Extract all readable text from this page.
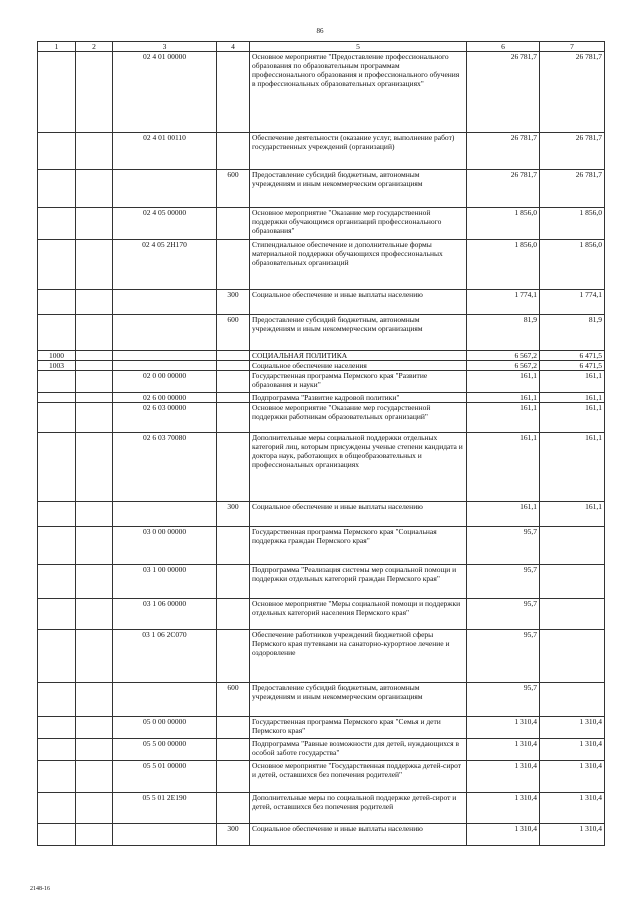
86
1	2	3	4	5	6	7
		02 4 01 00000		Основное мероприятие "Предоставление профессионального образования по образовательным программам профессионального образования и профессионального обучения в профессиональных образовательных организациях"	26 781,7	26 781,7
		02 4 01 00110		Обеспечение деятельности (оказание услуг, выполнение работ) государственных учреждений (организаций)	26 781,7	26 781,7
			600	Предоставление субсидий бюджетным, автономным учреждениям и иным некоммерческим организациям	26 781,7	26 781,7
		02 4 05 00000		Основное мероприятие "Оказание мер государственной поддержки обучающимся организаций профессионального образования"	1 856,0	1 856,0
		02 4 05 2Н170		Стипендиальное обеспечение и дополнительные формы материальной поддержки обучающихся профессиональных образовательных организаций	1 856,0	1 856,0
			300	Социальное обеспечение и иные выплаты населению	1 774,1	1 774,1
			600	Предоставление субсидий бюджетным, автономным учреждениям и иным некоммерческим организациям	81,9	81,9
1000				СОЦИАЛЬНАЯ ПОЛИТИКА	6 567,2	6 471,5
1003				Социальное обеспечение населения	6 567,2	6 471,5
		02 0 00 00000		Государственная программа Пермского края "Развитие образования и науки"	161,1	161,1
		02 6 00 00000		Подпрограмма "Развитие кадровой политики"	161,1	161,1
		02 6 03 00000		Основное мероприятие "Оказание мер государственной поддержки работникам образовательных организаций"	161,1	161,1
		02 6 03 70080		Дополнительные меры социальной поддержки отдельных категорий лиц, которым присуждены ученые степени кандидата и доктора наук, работающих в общеобразовательных и профессиональных организациях	161,1	161,1
			300	Социальное обеспечение и иные выплаты населению	161,1	161,1
		03 0 00 00000		Государственная программа Пермского края "Социальная поддержка граждан Пермского края"	95,7	
		03 1 00 00000		Подпрограмма "Реализация системы мер социальной помощи и поддержки отдельных категорий граждан Пермского края"	95,7	
		03 1 06 00000		Основное мероприятие "Меры социальной помощи и поддержки отдельных категорий населения Пермского края"	95,7	
		03 1 06 2С070		Обеспечение работников учреждений бюджетной сферы Пермского края путевками на санаторно-курортное лечение и оздоровление	95,7	
			600	Предоставление субсидий бюджетным, автономным учреждениям и иным некоммерческим организациям	95,7	
		05 0 00 00000		Государственная программа Пермского края "Семья и дети Пермского края"	1 310,4	1 310,4
		05 5 00 00000		Подпрограмма "Равные возможности для детей, нуждающихся в особой заботе государства"	1 310,4	1 310,4
		05 5 01 00000		Основное мероприятие "Государственная поддержка детей-сирот и детей, оставшихся без попечения родителей"	1 310,4	1 310,4
		05 5 01 2Е190		Дополнительные меры по социальной поддержке детей-сирот и детей, оставшихся без попечения родителей	1 310,4	1 310,4
			300	Социальное обеспечение и иные выплаты населению	1 310,4	1 310,4
2148-16
